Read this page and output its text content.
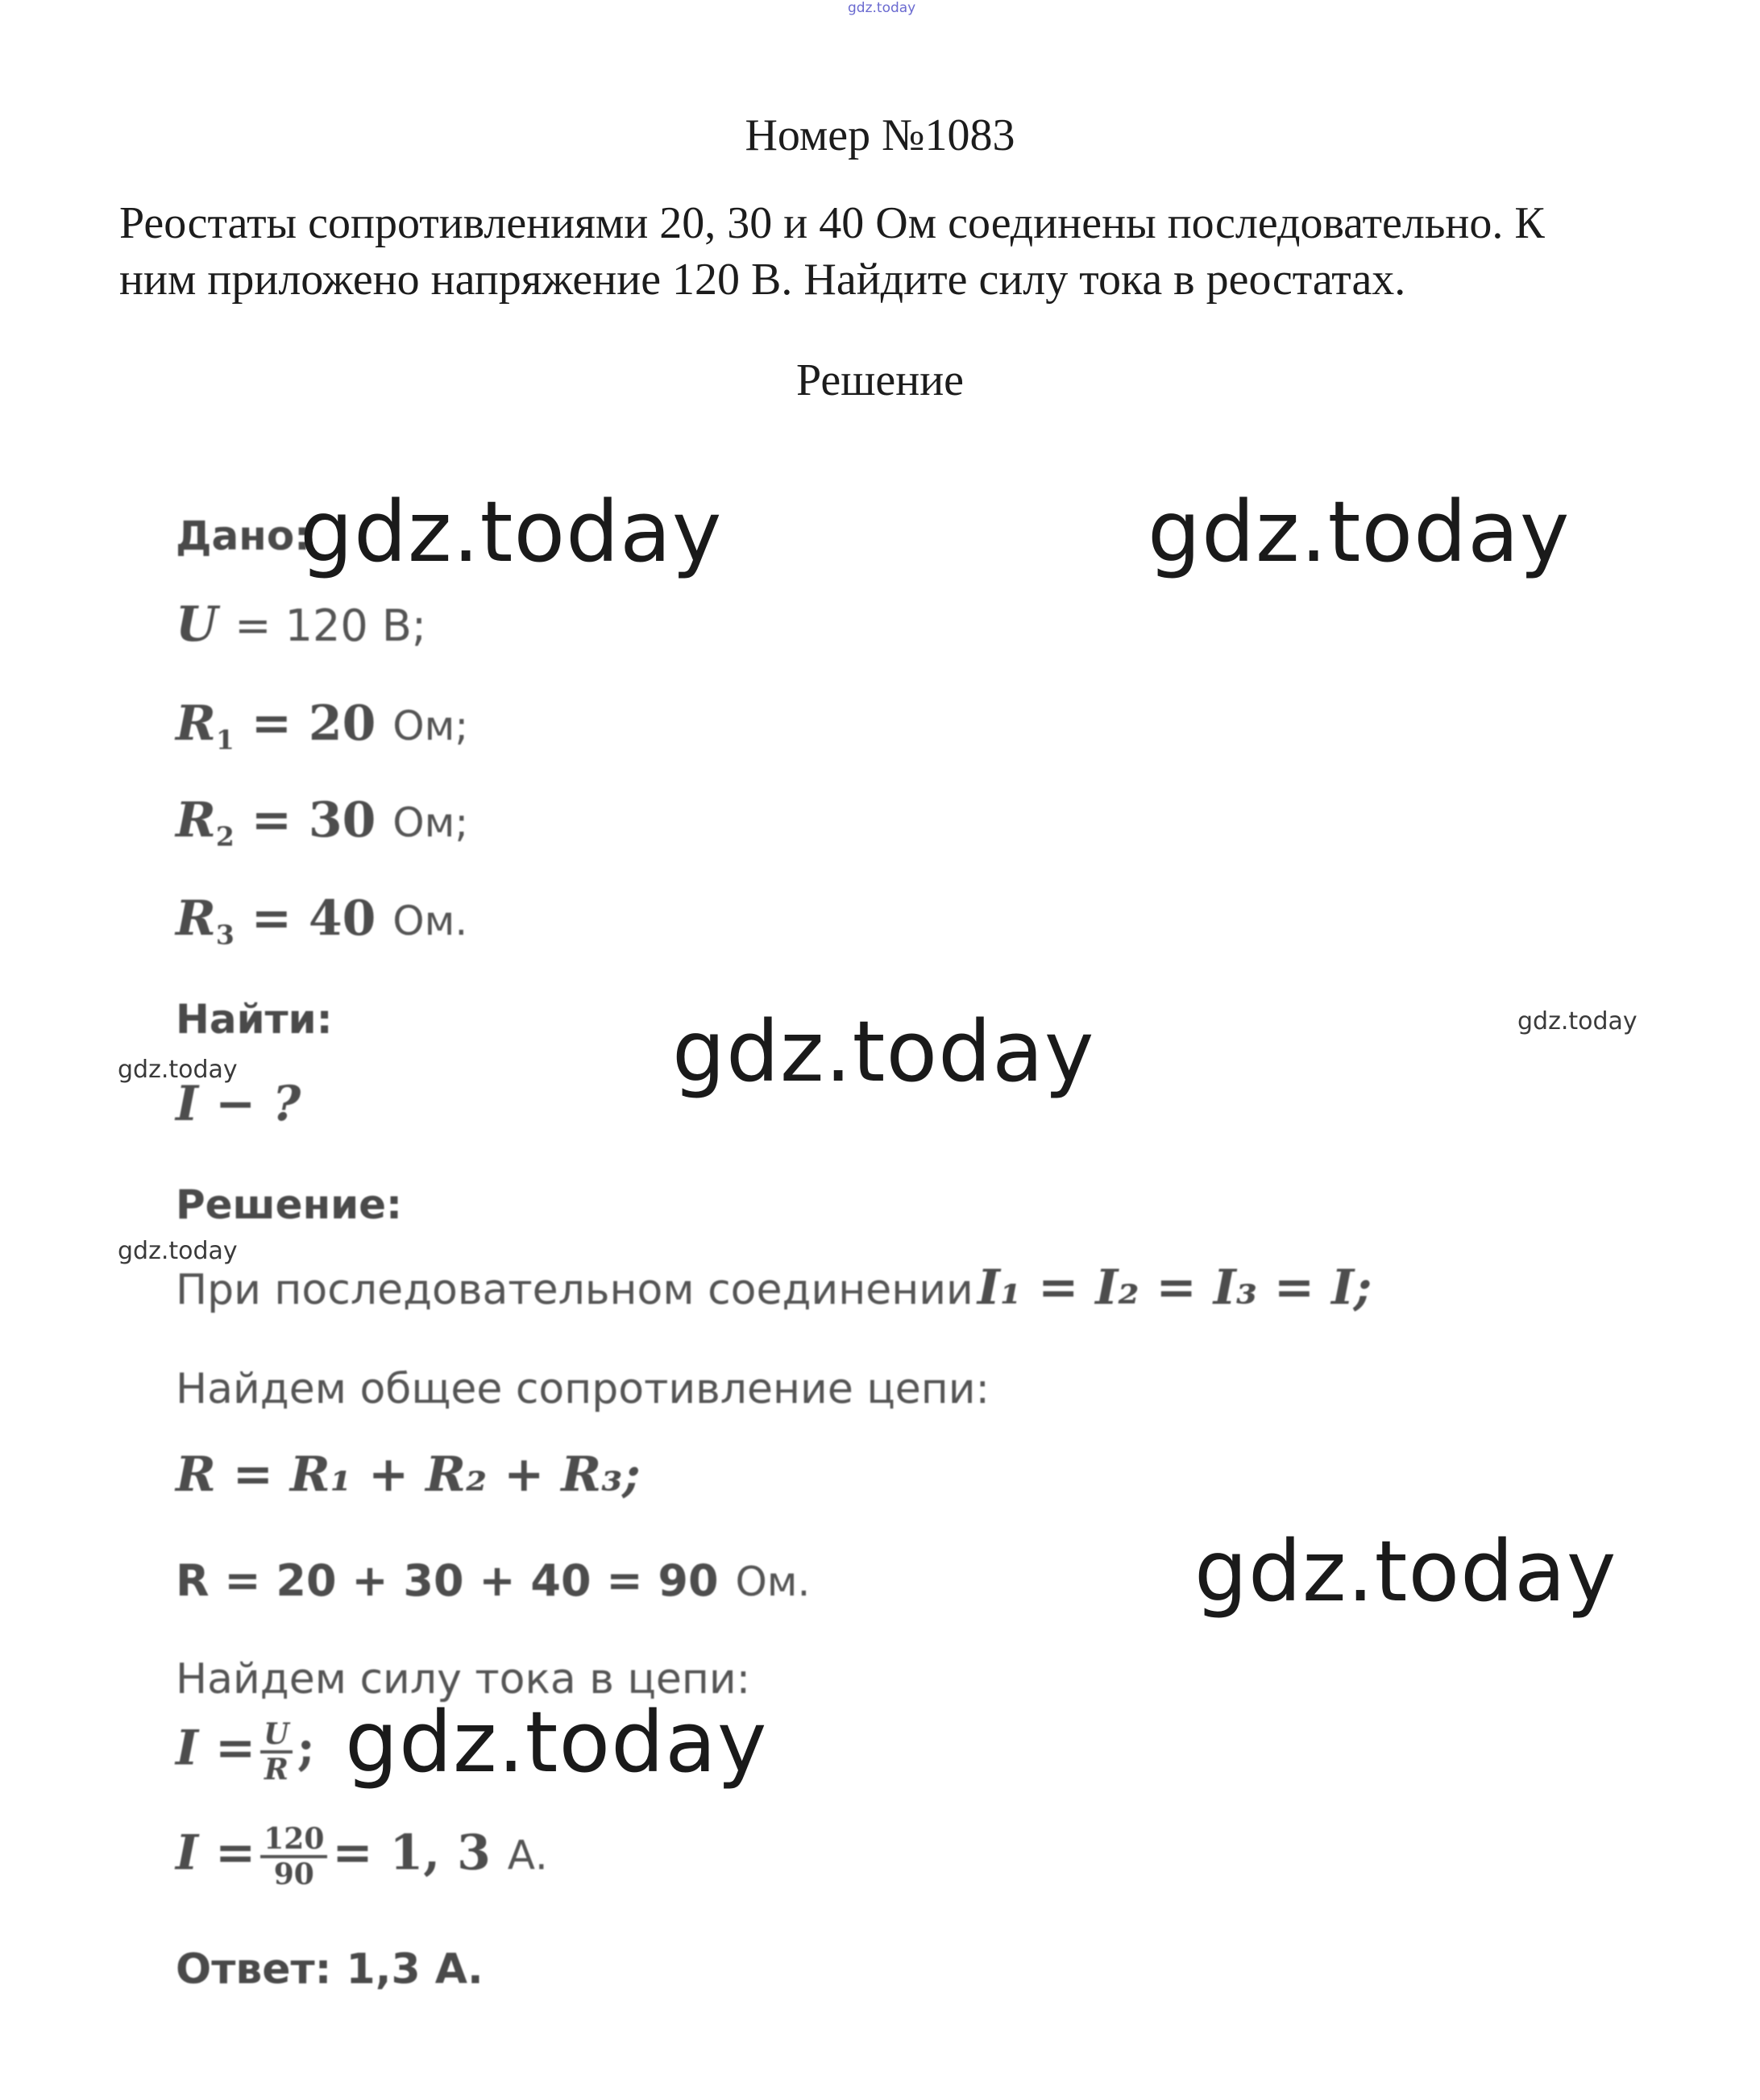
gdz.today
Номер №1083
Реостаты сопротивлениями 20, 30 и 40 Ом соединены последовательно. К
ним приложено напряжение 120 В. Найдите силу тока в реостатах.
Решение
Дано:
U = 120 В;
$R_1 = 20$ Ом;
$R_2 = 30$ Ом;
$R_3 = 40$ Ом.
Найти:
I − ?
Решение:
При последовательном соединении I₁ = I₂ = I₃ = I;
Найдем общее сопротивление цепи:
R = R₁ + R₂ + R₃;
R = 20 + 30 + 40 = 90 Ом.
Найдем силу тока в цепи:
$I = \frac{U}{R}$ ;
$I = \frac{120}{90} = 1$, 3 А.
Ответ: 1,3 А.
gdz.today	gdz.today
gdz.today
gdz.today
gdz.today
gdz.today
gdz.today
gdz.today
